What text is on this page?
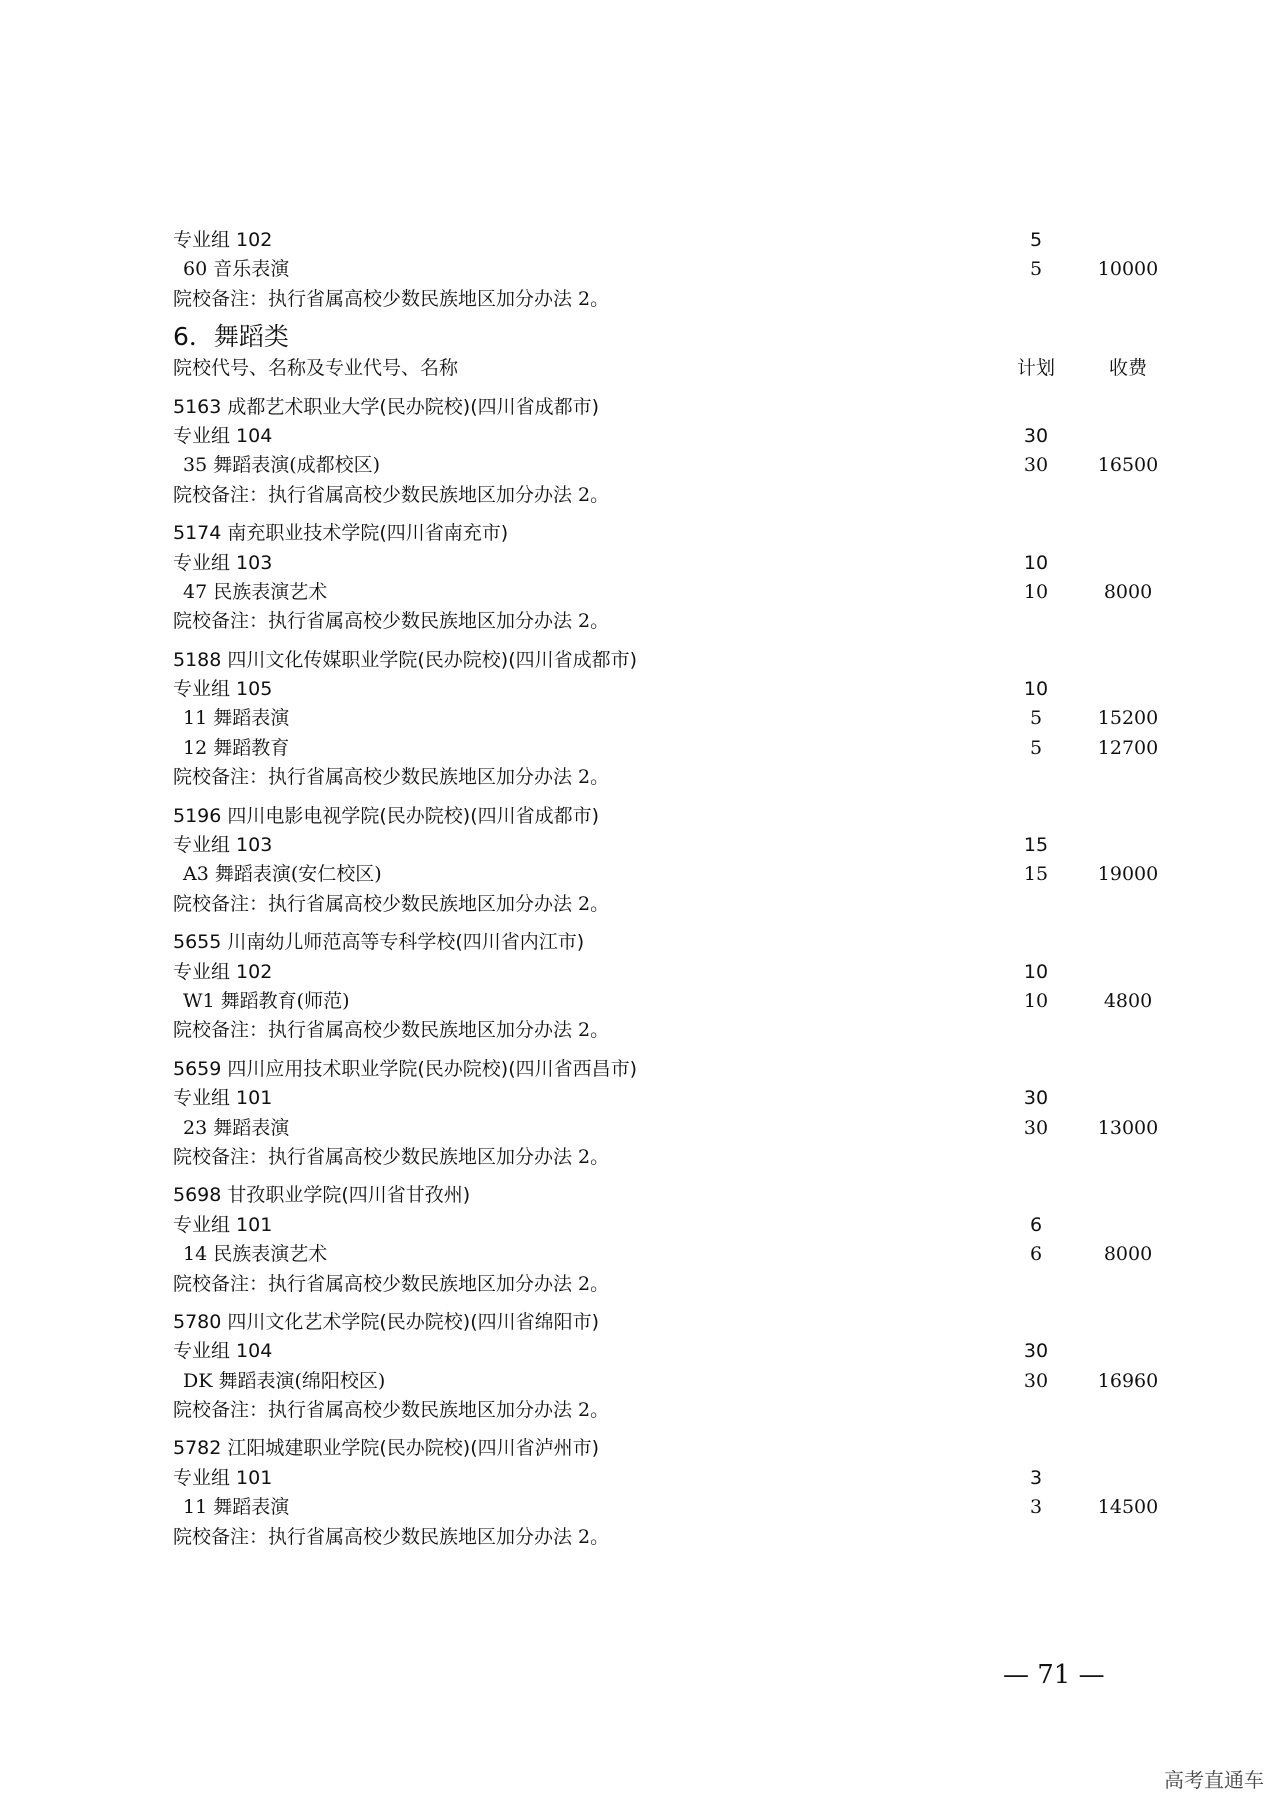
专业组 102	5
60 音乐表演	5	10000
院校备注：执行省属高校少数民族地区加分办法 2。
6．舞蹈类
院校代号、名称及专业代号、名称	计划	收费
5163 成都艺术职业大学(民办院校)(四川省成都市)
专业组 104	30
35 舞蹈表演(成都校区)	30	16500
院校备注：执行省属高校少数民族地区加分办法 2。
5174 南充职业技术学院(四川省南充市)
专业组 103	10
47 民族表演艺术	10	8000
院校备注：执行省属高校少数民族地区加分办法 2。
5188 四川文化传媒职业学院(民办院校)(四川省成都市)
专业组 105	10
11 舞蹈表演	5	15200
12 舞蹈教育	5	12700
院校备注：执行省属高校少数民族地区加分办法 2。
5196 四川电影电视学院(民办院校)(四川省成都市)
专业组 103	15
A3 舞蹈表演(安仁校区)	15	19000
院校备注：执行省属高校少数民族地区加分办法 2。
5655 川南幼儿师范高等专科学校(四川省内江市)
专业组 102	10
W1 舞蹈教育(师范)	10	4800
院校备注：执行省属高校少数民族地区加分办法 2。
5659 四川应用技术职业学院(民办院校)(四川省西昌市)
专业组 101	30
23 舞蹈表演	30	13000
院校备注：执行省属高校少数民族地区加分办法 2。
5698 甘孜职业学院(四川省甘孜州)
专业组 101	6
14 民族表演艺术	6	8000
院校备注：执行省属高校少数民族地区加分办法 2。
5780 四川文化艺术学院(民办院校)(四川省绵阳市)
专业组 104	30
DK 舞蹈表演(绵阳校区)	30	16960
院校备注：执行省属高校少数民族地区加分办法 2。
5782 江阳城建职业学院(民办院校)(四川省泸州市)
专业组 101	3
11 舞蹈表演	3	14500
院校备注：执行省属高校少数民族地区加分办法 2。
— 71 —
高考直通车
